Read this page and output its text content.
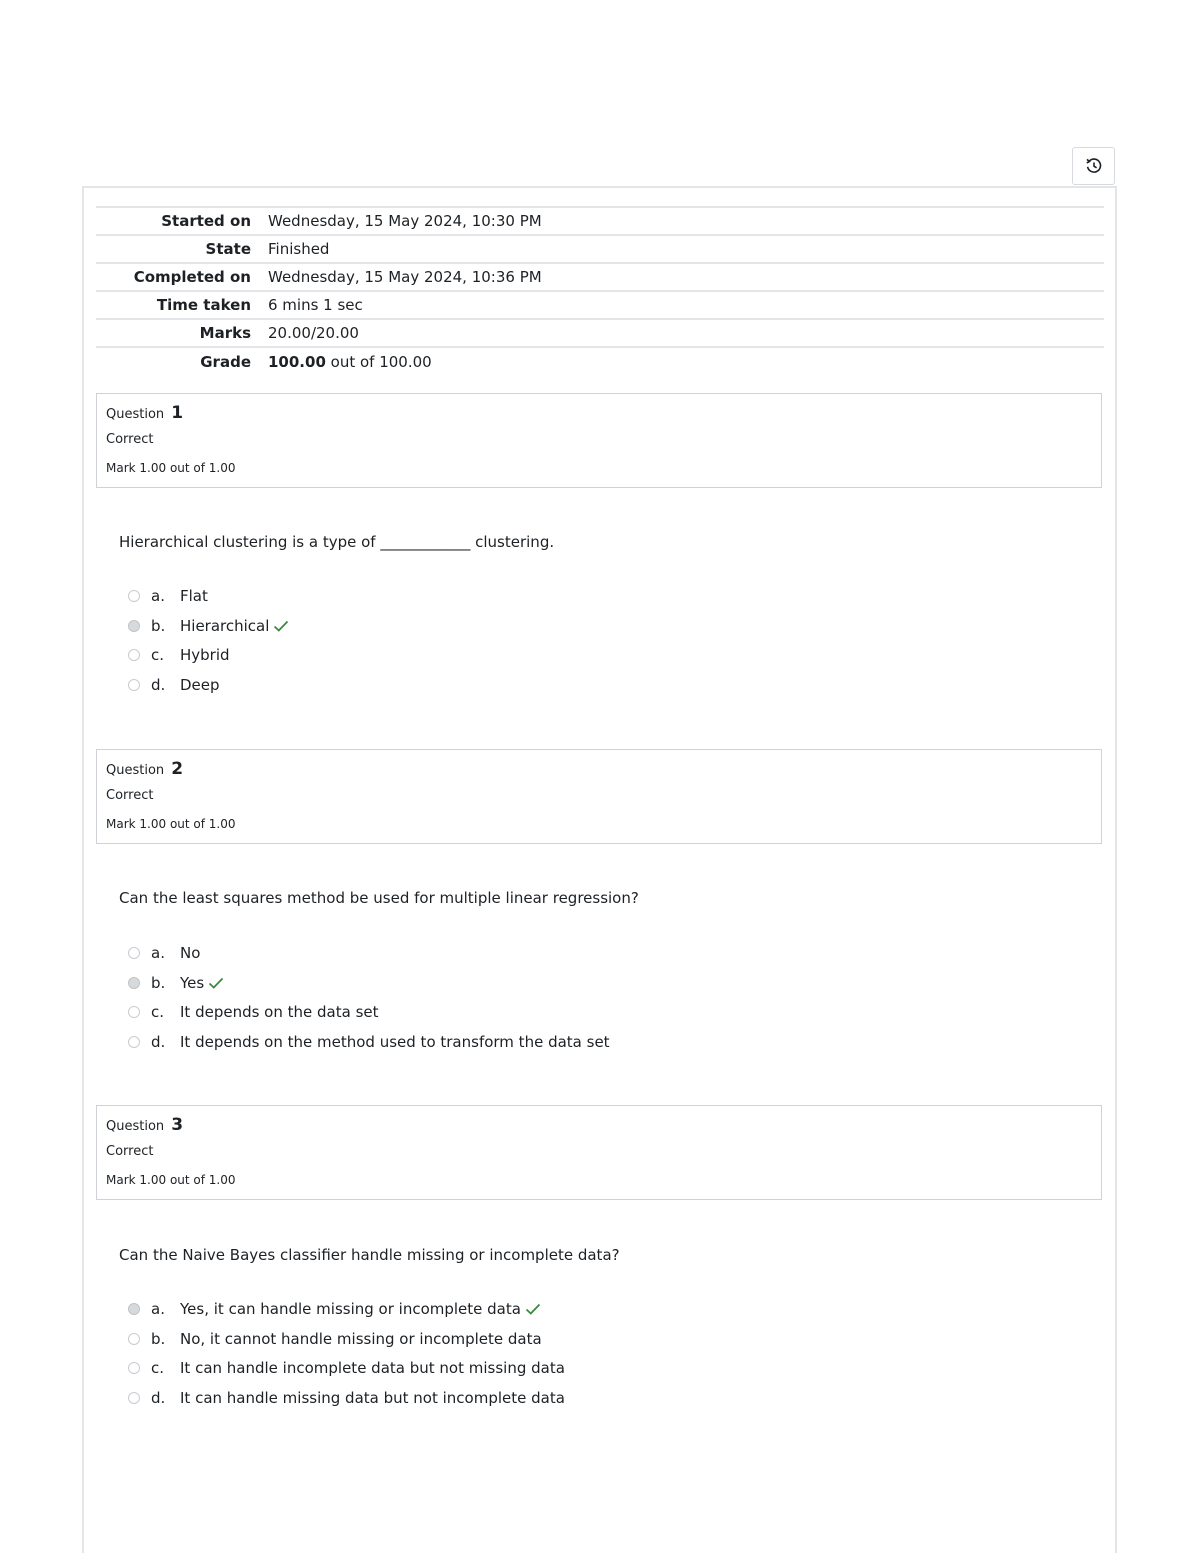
Started on	Wednesday, 15 May 2024, 10:30 PM
State	Finished
Completed on	Wednesday, 15 May 2024, 10:36 PM
Time taken	6 mins 1 sec
Marks	20.00/20.00
Grade	100.00 out of 100.00
Question 1
Correct
Mark 1.00 out of 1.00
Hierarchical clustering is a type of ____________ clustering.
a.	Flat
b. Hierarchical
c.	Hybrid
d. Deep
Question 2
Correct
Mark 1.00 out of 1.00
Can the least squares method be used for multiple linear regression?
a.	No
b. Yes
c.	It depends on the data set
d. It depends on the method used to transform the data set
Question 3
Correct
Mark 1.00 out of 1.00
Can the Naive Bayes classifier handle missing or incomplete data?
a.	Yes, it can handle missing or incomplete data
b. No, it cannot handle missing or incomplete data
c.	It can handle incomplete data but not missing data
d. It can handle missing data but not incomplete data
